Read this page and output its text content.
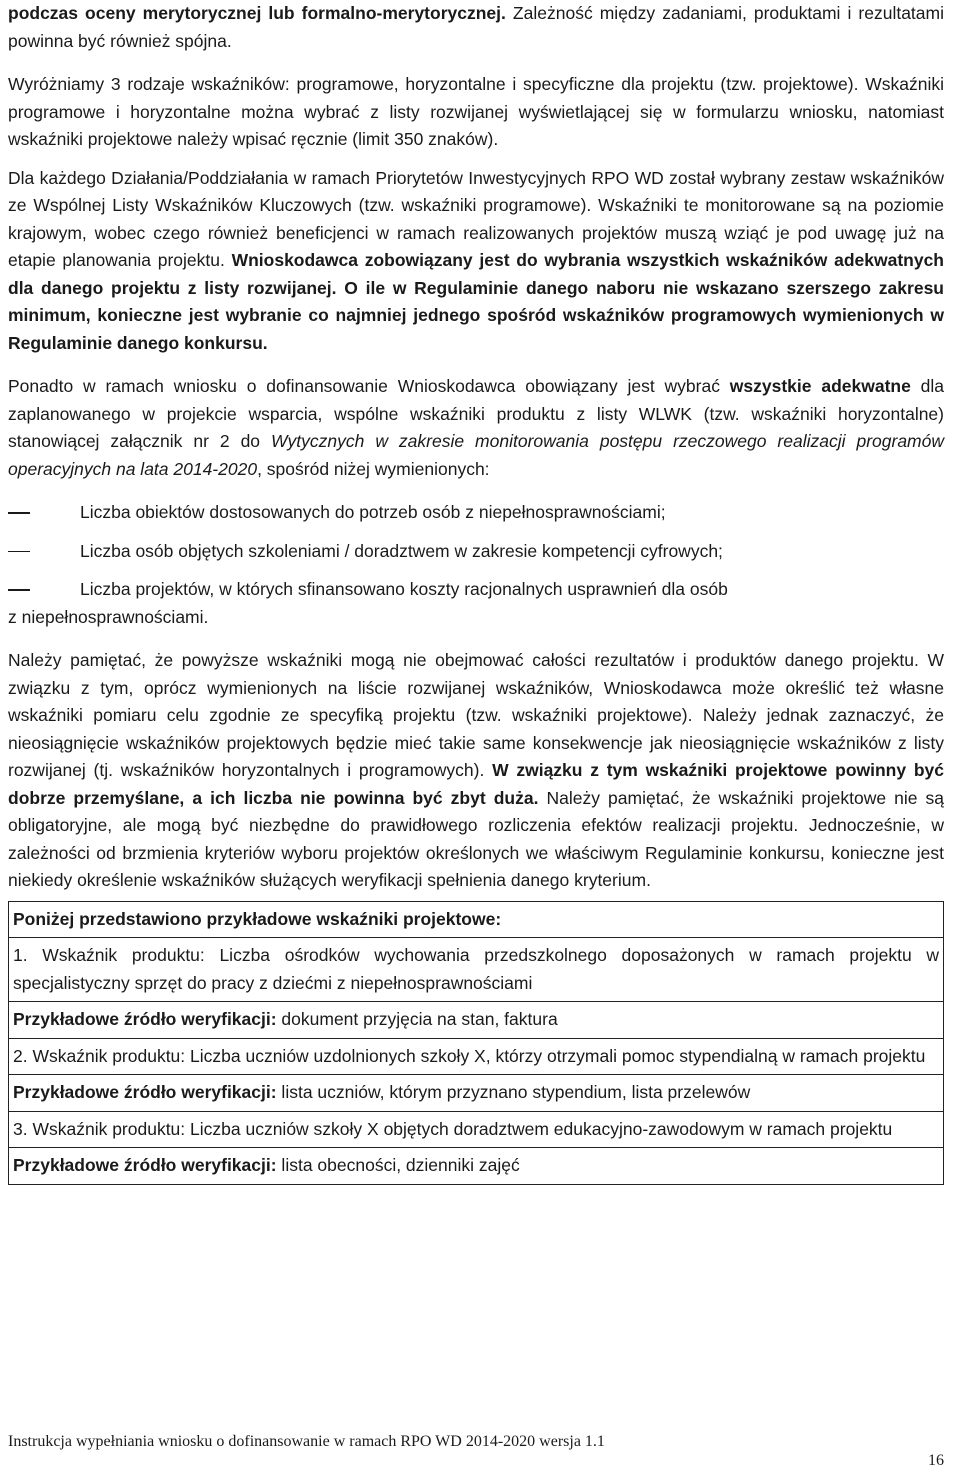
podczas oceny merytorycznej lub formalno-merytorycznej. Zależność między zadaniami, produktami i rezultatami powinna być również spójna.

Wyróżniamy 3 rodzaje wskaźników: programowe, horyzontalne i specyficzne dla projektu (tzw. projektowe). Wskaźniki programowe i horyzontalne można wybrać z listy rozwijanej wyświetlającej się w formularzu wniosku, natomiast wskaźniki projektowe należy wpisać ręcznie (limit 350 znaków).

Dla każdego Działania/Poddziałania w ramach Priorytetów Inwestycyjnych RPO WD został wybrany zestaw wskaźników ze Wspólnej Listy Wskaźników Kluczowych (tzw. wskaźniki programowe). Wskaźniki te monitorowane są na poziomie krajowym, wobec czego również beneficjenci w ramach realizowanych projektów muszą wziąć je pod uwagę już na etapie planowania projektu. Wnioskodawca zobowiązany jest do wybrania wszystkich wskaźników adekwatnych dla danego projektu z listy rozwijanej. O ile w Regulaminie danego naboru nie wskazano szerszego zakresu minimum, konieczne jest wybranie co najmniej jednego spośród wskaźników programowych wymienionych w Regulaminie danego konkursu.

Ponadto w ramach wniosku o dofinansowanie Wnioskodawca obowiązany jest wybrać wszystkie adekwatne dla zaplanowanego w projekcie wsparcia, wspólne wskaźniki produktu z listy WLWK (tzw. wskaźniki horyzontalne) stanowiącej załącznik nr 2 do Wytycznych w zakresie monitorowania postępu rzeczowego realizacji programów operacyjnych na lata 2014-2020, spośród niżej wymienionych:

Liczba obiektów dostosowanych do potrzeb osób z niepełnosprawnościami;

Liczba osób objętych szkoleniami / doradztwem w zakresie kompetencji cyfrowych;

Liczba projektów, w których sfinansowano koszty racjonalnych usprawnień dla osób

z niepełnosprawnościami.

Należy pamiętać, że powyższe wskaźniki mogą nie obejmować całości rezultatów i produktów danego projektu. W związku z tym, oprócz wymienionych na liście rozwijanej wskaźników, Wnioskodawca może określić też własne wskaźniki pomiaru celu zgodnie ze specyfiką projektu (tzw. wskaźniki projektowe). Należy jednak zaznaczyć, że nieosiągnięcie wskaźników projektowych będzie mieć takie same konsekwencje jak nieosiągnięcie wskaźników z listy rozwijanej (tj. wskaźników horyzontalnych i programowych). W związku z tym wskaźniki projektowe powinny być dobrze przemyślane, a ich liczba nie powinna być zbyt duża. Należy pamiętać, że wskaźniki projektowe nie są obligatoryjne, ale mogą być niezbędne do prawidłowego rozliczenia efektów realizacji projektu. Jednocześnie, w zależności od brzmienia kryteriów wyboru projektów określonych we właściwym Regulaminie konkursu, konieczne jest niekiedy określenie wskaźników służących weryfikacji spełnienia danego kryterium.

Poniżej przedstawiono przykładowe wskaźniki projektowe:

1. Wskaźnik produktu: Liczba ośrodków wychowania przedszkolnego doposażonych w ramach projektu w specjalistyczny sprzęt do pracy z dziećmi z niepełnosprawnościami

Przykładowe źródło weryfikacji: dokument przyjęcia na stan, faktura

2. Wskaźnik produktu: Liczba uczniów uzdolnionych szkoły X, którzy otrzymali pomoc stypendialną w ramach projektu

Przykładowe źródło weryfikacji: lista uczniów, którym przyznano stypendium, lista przelewów

3. Wskaźnik produktu: Liczba uczniów szkoły X objętych doradztwem edukacyjno-zawodowym w ramach projektu

Przykładowe źródło weryfikacji: lista obecności, dzienniki zajęć

Instrukcja wypełniania wniosku o dofinansowanie w ramach RPO WD 2014-2020 wersja 1.1
16
